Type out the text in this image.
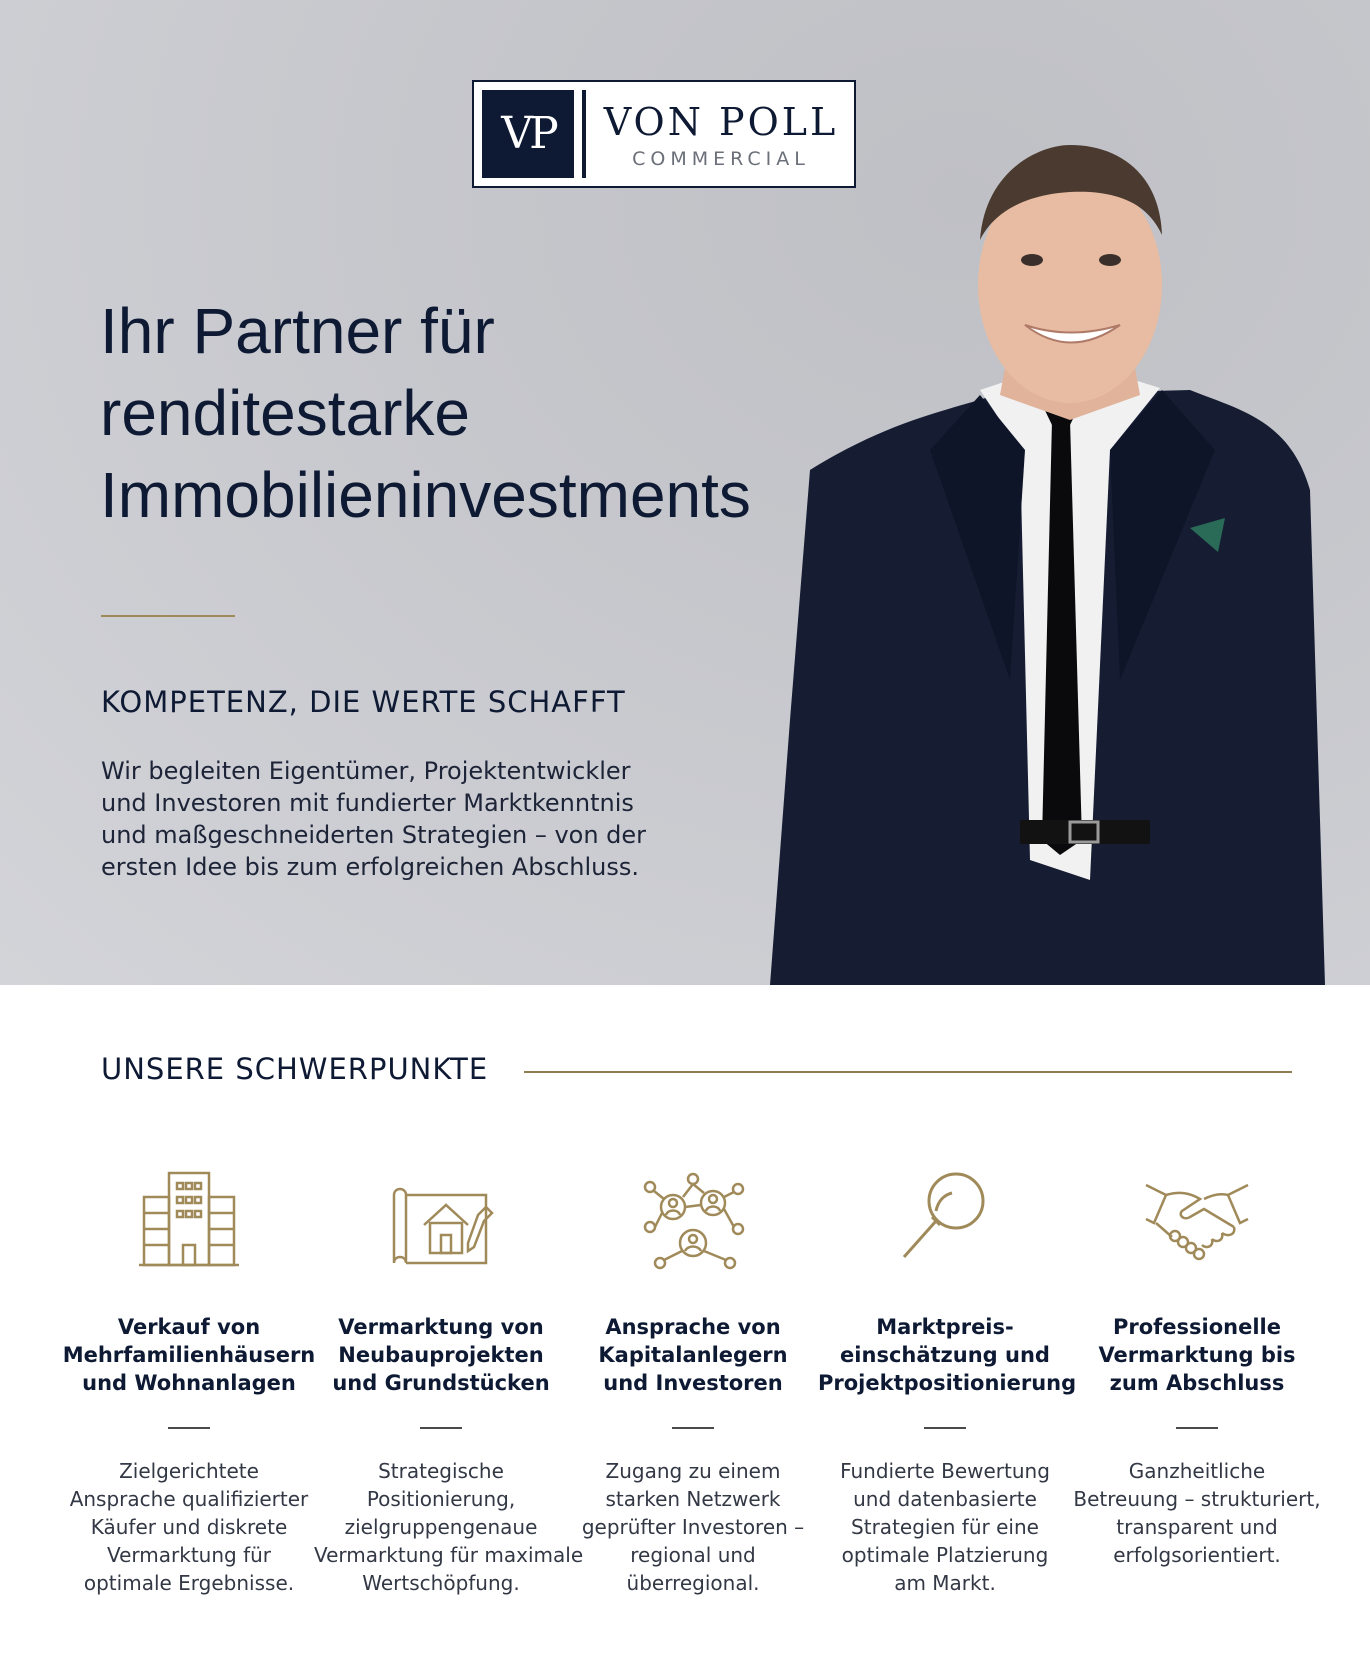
VP	VON POLL
COMMERCIAL
Ihr Partner für
renditestarke
Immobilieninvestments
KOMPETENZ, DIE WERTE SCHAFFT
Wir begleiten Eigentümer, Projektentwickler
und Investoren mit fundierter Marktkenntnis
und maßgeschneiderten Strategien – von der
ersten Idee bis zum erfolgreichen Abschluss.
UNSERE SCHWERPUNKTE
Verkauf von
Mehrfamilienhäusern
und Wohnanlagen
Zielgerichtete
Ansprache qualifizierter
Käufer und diskrete
Vermarktung für
optimale Ergebnisse.
Vermarktung von
Neubauprojekten
und Grundstücken
Strategische
Positionierung,
zielgruppengenaue
Vermarktung für maximale
Wertschöpfung.
Ansprache von
Kapitalanlegern
und Investoren
Zugang zu einem
starken Netzwerk
geprüfter Investoren –
regional und
überregional.
Marktpreis-
einschätzung und
Projektpositionierung
Fundierte Bewertung
und datenbasierte
Strategien für eine
optimale Platzierung
am Markt.
Professionelle
Vermarktung bis
zum Abschluss
Ganzheitliche
Betreuung – strukturiert,
transparent und
erfolgsorientiert.
